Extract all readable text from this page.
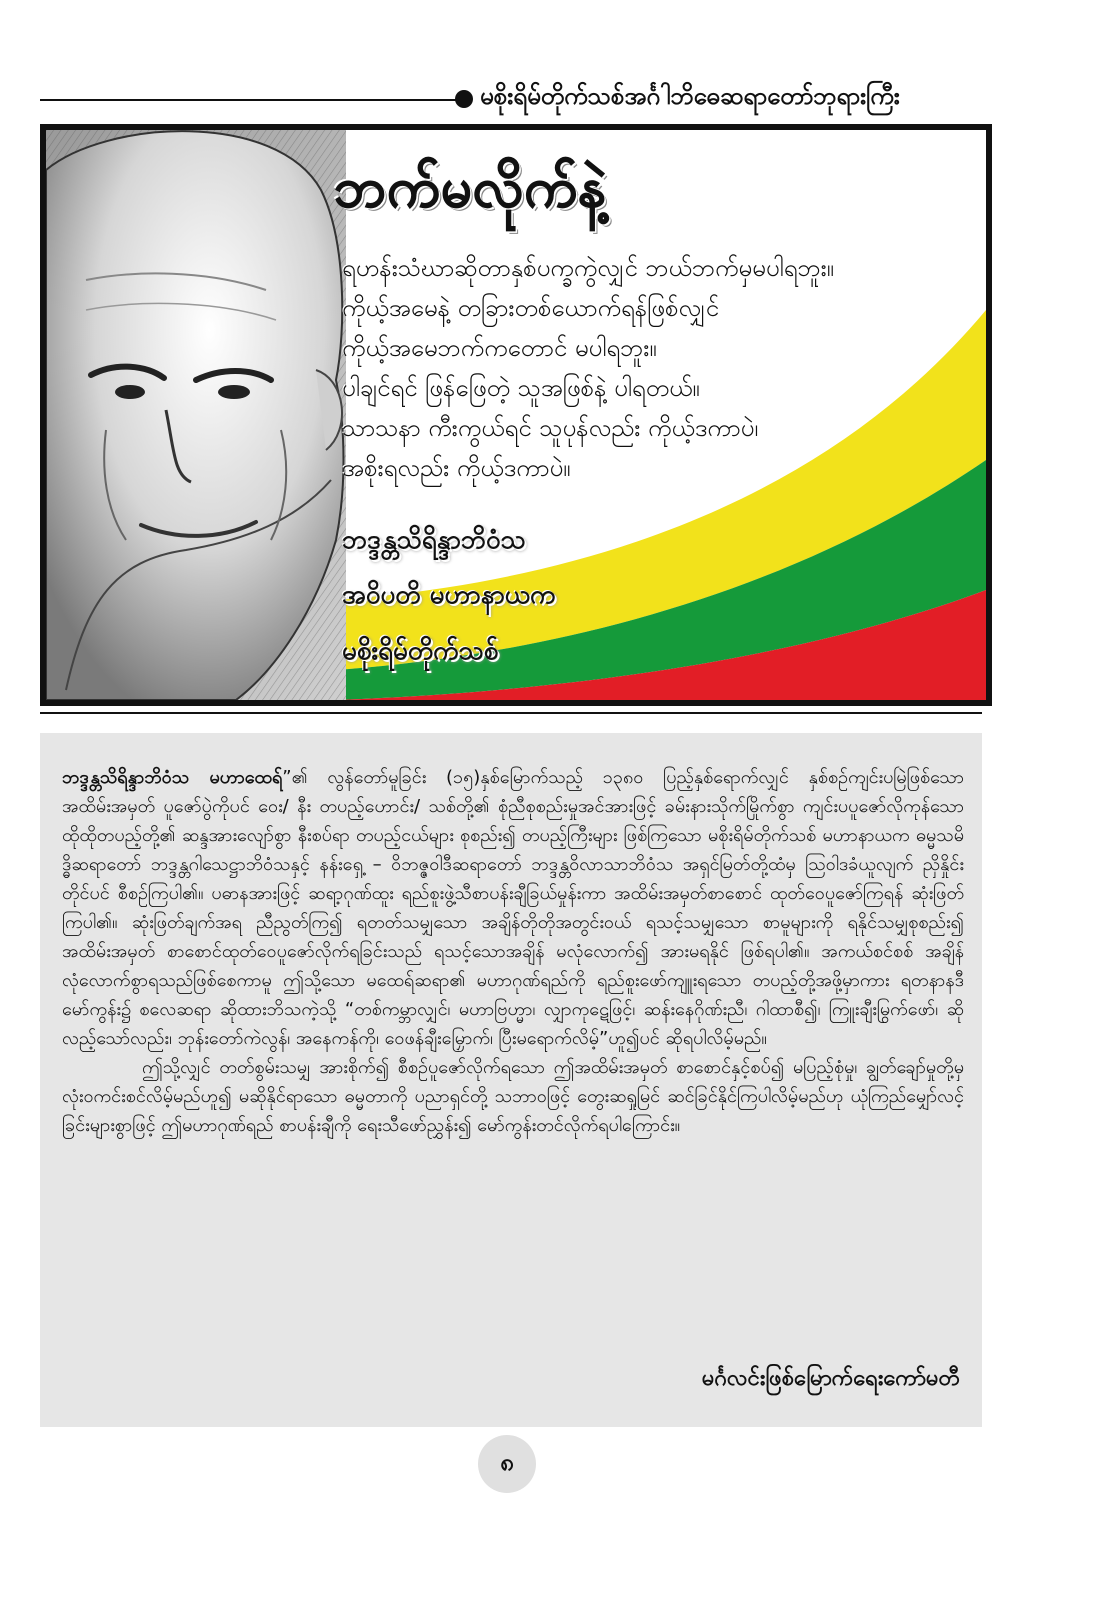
မစိုးရိမ်တိုက်သစ်အင်္ဂါဘိဓေဆရာတော်ဘုရားကြီး
ဘက်မလိုက်နဲ့
ရဟန်းသံဃာဆိုတာနှစ်ပက္ခကွဲလျှင် ဘယ်ဘက်မှမပါရဘူး။
ကိုယ့်အမေနဲ့ တခြားတစ်ယောက်ရန်ဖြစ်လျှင်
ကိုယ့်အမေဘက်ကတောင် မပါရဘူး။
ပါချင်ရင် ဖြန်ဖြေတဲ့ သူအဖြစ်နဲ့ ပါရတယ်။
သာသနာ ကီးကွယ်ရင် သူပုန်လည်း ကိုယ့်ဒကာပဲ၊
အစိုးရလည်း ကိုယ့်ဒကာပဲ။
ဘဒ္ဒန္တသိရိန္ဒာဘိဝံသ
အဝိပတိ မဟာနာယက
မစိုးရိမ်တိုက်သစ်

ဘဒ္ဒန္တသိရိန္ဒာဘိဝံသ မဟာထေရ်”၏ လွန်တော်မူခြင်း (၁၅)နှစ်မြောက်သည့် ၁၃၈၀ ပြည့်နှစ်ရောက်လျှင် နှစ်စဉ်ကျင်းပမြဲဖြစ်သော အထိမ်းအမှတ် ပူဇော်ပွဲကိုပင် ဝေး/ နီး တပည့်ဟောင်း/ သစ်တို့၏ စုံညီစုစည်းမှုအင်အားဖြင့် ခမ်းနားသိုက်မြိုက်စွာ ကျင်းပပူဇော်လိုကုန်သော ထိုထိုတပည့်တို့၏ ဆန္ဒအားလျော်စွာ နီးစပ်ရာ တပည့်ငယ်များ စုစည်း၍ တပည့်ကြီးများ ဖြစ်ကြသော မစိုးရိမ်တိုက်သစ် မဟာနာယက ဓမ္မသမိဒ္ဓိဆရာတော် ဘဒ္ဒန္တဂါသေဋ္ဌာဘိဝံသနှင့် နန်းရှေ့ – ဝိဘဇ္ဇဝါဒီဆရာတော် ဘဒ္ဒန္တဝိလာသာဘိဝံသ အရှင်မြတ်တို့ထံမှ ဩဝါဒခံယူလျက် ညှိနှိုင်းတိုင်ပင် စီစဉ်ကြပါ၏။ ပဓာနအားဖြင့် ဆရာ့ဂုဏ်ထူး ရည်စူးဖွဲ့သီစာပန်းချီခြယ်မှုန်းကာ အထိမ်းအမှတ်စာစောင် ထုတ်ဝေပူဇော်ကြရန် ဆုံးဖြတ်ကြပါ၏။ ဆုံးဖြတ်ချက်အရ ညီညွတ်ကြ၍ ရတတ်သမျှသော အချိန်တိုတိုအတွင်းဝယ် ရသင့်သမျှသော စာမူများကို ရနိုင်သမျှစုစည်း၍ အထိမ်းအမှတ် စာစောင်ထုတ်ဝေပူဇော်လိုက်ရခြင်းသည် ရသင့်သောအချိန် မလုံလောက်၍ အားမရနိုင် ဖြစ်ရပါ၏။ အကယ်စင်စစ် အချိန်လုံလောက်စွာရသည်ဖြစ်စေကာမူ ဤသို့သော မထေရ်ဆရာ၏ မဟာဂုဏ်ရည်ကို ရည်စူးဖော်ကျူးရသော တပည့်တို့အဖို့မှာကား ရတနာနဒီမော်ကွန်း၌ စလေဆရာ ဆိုထားဘိသကဲ့သို့ “တစ်ကမ္ဘာလျှင်၊ မဟာဗြဟ္မာ၊ လျှာကုဋေဖြင့်၊ ဆန်းနေဂိုဏ်းညီ၊ ဂါထာစီ၍၊ ကြူးချီးမြွက်ဖော်၊ ဆိုလည့်သော်လည်း၊ ဘုန်းတော်ကဲလွန်၊ အနေကန်ကို၊ ဝေဖန်ချီးမြှောက်၊ ပြီးမရောက်လိမ့်”ဟူ၍ပင် ဆိုရပါလိမ့်မည်။

ဤသို့လျှင် တတ်စွမ်းသမျှ အားစိုက်၍ စီစဉ်ပူဇော်လိုက်ရသော ဤအထိမ်းအမှတ် စာစောင်နှင့်စပ်၍ မပြည့်စုံမှု၊ ချွတ်ချော်မှုတို့မှ လုံးဝကင်းစင်လိမ့်မည်ဟူ၍ မဆိုနိုင်ရာသော ဓမ္မတာကို ပညာရှင်တို့ သဘာဝဖြင့် တွေးဆရှုမြင် ဆင်ခြင်နိုင်ကြပါလိမ့်မည်ဟု ယုံကြည်မျှော်လင့်ခြင်းများစွာဖြင့် ဤမဟာဂုဏ်ရည် စာပန်းချီကို ရေးသီဖော်ညွှန်း၍ မော်ကွန်းတင်လိုက်ရပါကြောင်း။

မင်္ဂလင်းဖြစ်မြောက်ရေးကော်မတီ
၈
